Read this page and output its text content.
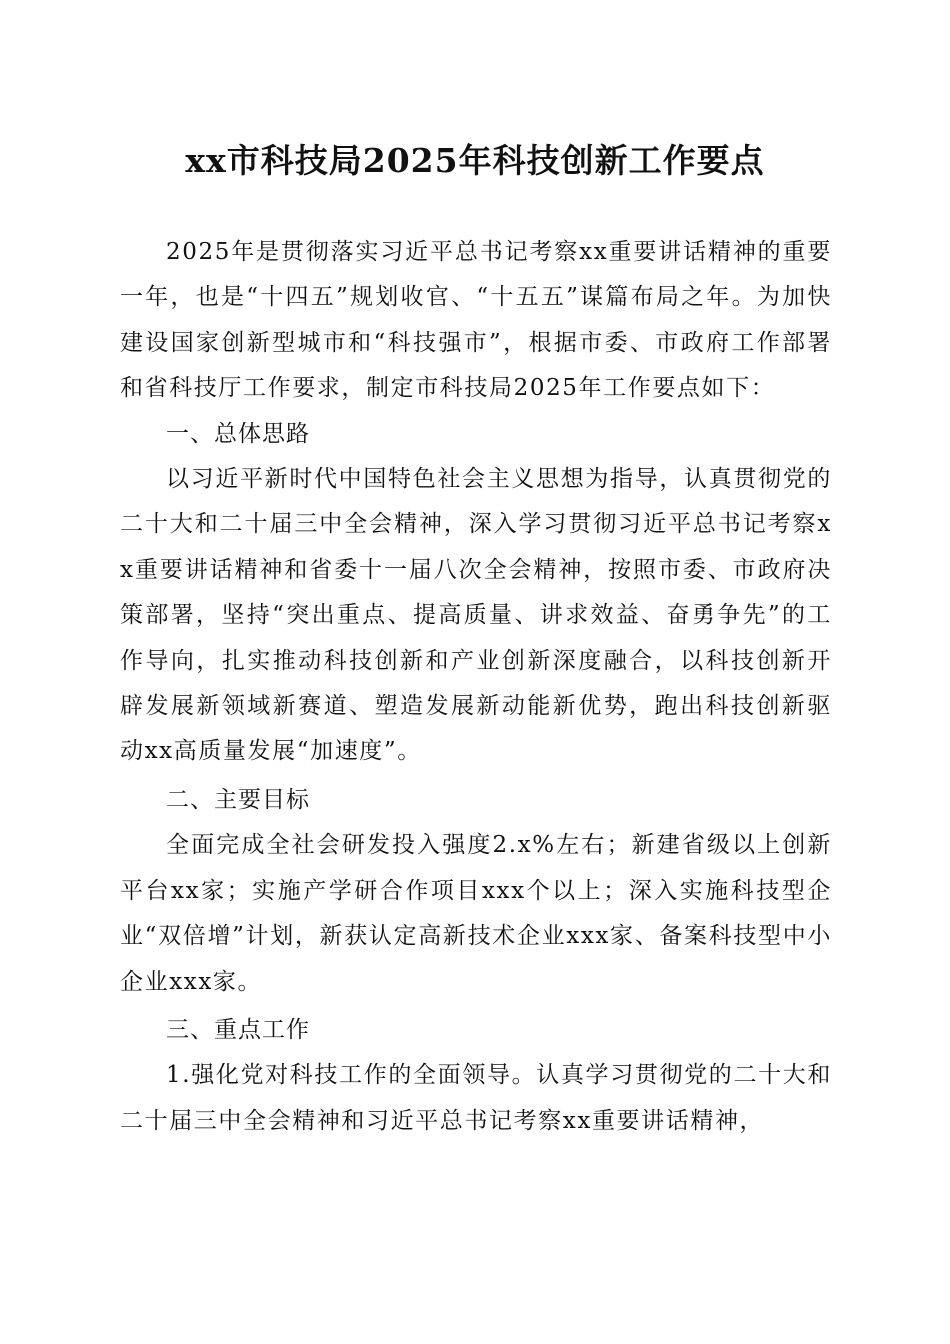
xx市科技局2025年科技创新工作要点

2025年是贯彻落实习近平总书记考察xx重要讲话精神的重要一年，也是“十四五”规划收官、“十五五”谋篇布局之年。为加快建设国家创新型城市和“科技强市”，根据市委、市政府工作部署和省科技厅工作要求，制定市科技局2025年工作要点如下：

一、总体思路

以习近平新时代中国特色社会主义思想为指导，认真贯彻党的二十大和二十届三中全会精神，深入学习贯彻习近平总书记考察xx重要讲话精神和省委十一届八次全会精神，按照市委、市政府决策部署，坚持“突出重点、提高质量、讲求效益、奋勇争先”的工作导向，扎实推动科技创新和产业创新深度融合，以科技创新开辟发展新领域新赛道、塑造发展新动能新优势，跑出科技创新驱动xx高质量发展“加速度”。

二、主要目标

全面完成全社会研发投入强度2.x%左右；新建省级以上创新平台xx家；实施产学研合作项目xxx个以上；深入实施科技型企业“双倍增”计划，新获认定高新技术企业xxx家、备案科技型中小企业xxx家。

三、重点工作

1.强化党对科技工作的全面领导。认真学习贯彻党的二十大和二十届三中全会精神和习近平总书记考察xx重要讲话精神，
